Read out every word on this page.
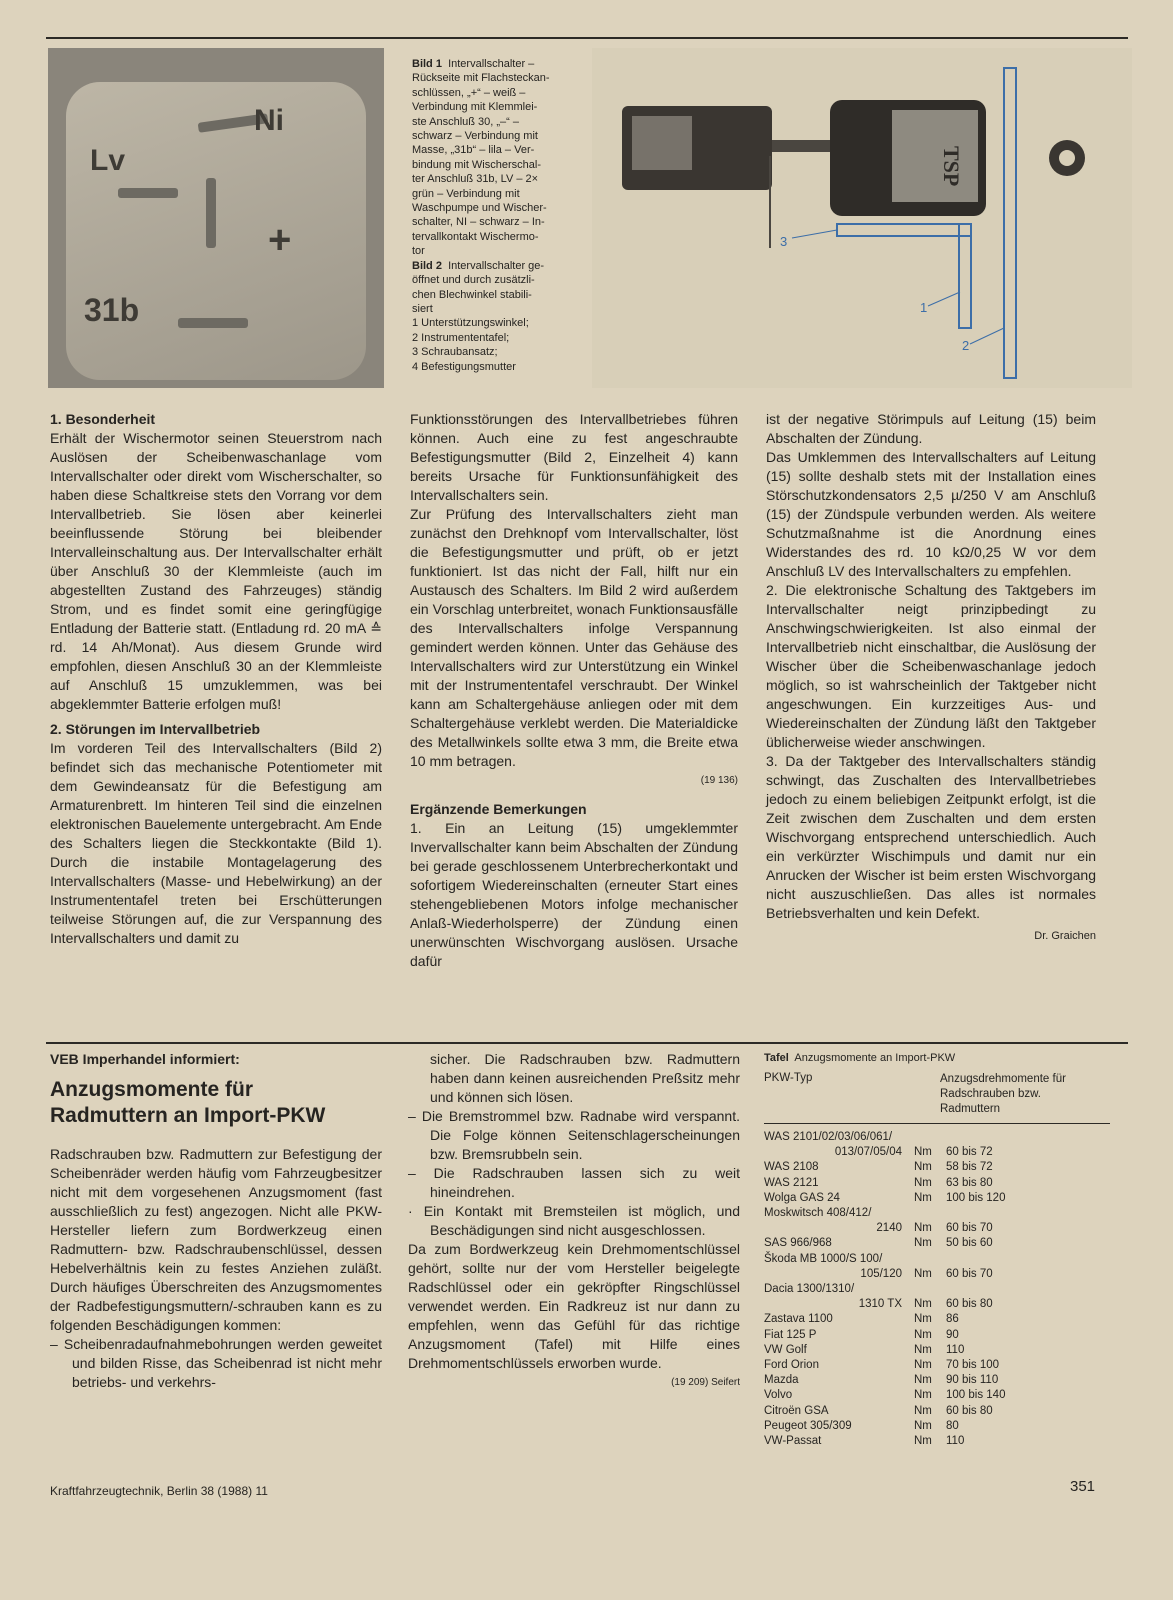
Ni
Lv
+
31b

Bild 1 Intervallschalter –

Rückseite mit Flachsteckan-

schlüssen, „+“ – weiß –

Verbindung mit Klemmlei-

ste Anschluß 30, „–“ –

schwarz – Verbindung mit

Masse, „31b“ – lila – Ver-

bindung mit Wischerschal-

ter Anschluß 31b, LV – 2×

grün – Verbindung mit

Waschpumpe und Wischer-

schalter, NI – schwarz – In-

tervallkontakt Wischermo-

tor

Bild 2 Intervallschalter ge-

öffnet und durch zusätzli-

chen Blechwinkel stabili-

siert

1 Unterstützungswinkel;

2 Instrumententafel;

3 Schraubansatz;

4 Befestigungsmutter

3
1
2
TSP
1. Besonderheit

Erhält der Wischermotor seinen Steuerstrom nach Auslösen der Scheibenwaschanlage vom Intervallschalter oder direkt vom Wischerschalter, so haben diese Schaltkreise stets den Vorrang vor dem Intervallbetrieb. Sie lösen aber keinerlei beeinflussende Störung bei bleibender Intervalleinschaltung aus. Der Intervallschalter erhält über Anschluß 30 der Klemmleiste (auch im abgestellten Zustand des Fahrzeuges) ständig Strom, und es findet somit eine geringfügige Entladung der Batterie statt. (Entladung rd. 20 mA ≙ rd. 14 Ah/Monat). Aus diesem Grunde wird empfohlen, diesen Anschluß 30 an der Klemmleiste auf Anschluß 15 umzuklemmen, was bei abgeklemmter Batterie erfolgen muß!

2. Störungen im Intervallbetrieb

Im vorderen Teil des Intervallschalters (Bild 2) befindet sich das mechanische Potentiometer mit dem Gewindeansatz für die Befestigung am Armaturenbrett. Im hinteren Teil sind die einzelnen elektronischen Bauelemente untergebracht. Am Ende des Schalters liegen die Steckkontakte (Bild 1). Durch die instabile Montagelagerung des Intervallschalters (Masse- und Hebelwirkung) an der Instrumententafel treten bei Erschütterungen teilweise Störungen auf, die zur Verspannung des Intervallschalters und damit zu

Funktionsstörungen des Intervallbetriebes führen können. Auch eine zu fest angeschraubte Befestigungsmutter (Bild 2, Einzelheit 4) kann bereits Ursache für Funktionsunfähigkeit des Intervallschalters sein.

Zur Prüfung des Intervallschalters zieht man zunächst den Drehknopf vom Intervallschalter, löst die Befestigungsmutter und prüft, ob er jetzt funktioniert. Ist das nicht der Fall, hilft nur ein Austausch des Schalters. Im Bild 2 wird außerdem ein Vorschlag unterbreitet, wonach Funktionsausfälle des Intervallschalters infolge Verspannung gemindert werden können. Unter das Gehäuse des Intervallschalters wird zur Unterstützung ein Winkel mit der Instrumententafel verschraubt. Der Winkel kann am Schaltergehäuse anliegen oder mit dem Schaltergehäuse verklebt werden. Die Materialdicke des Metallwinkels sollte etwa 3 mm, die Breite etwa 10 mm betragen.

(19 136)

Ergänzende Bemerkungen

1. Ein an Leitung (15) umgeklemmter Invervallschalter kann beim Abschalten der Zündung bei gerade geschlossenem Unterbrecherkontakt und sofortigem Wiedereinschalten (erneuter Start eines stehengebliebenen Motors infolge mechanischer Anlaß-Wiederholsperre) der Zündung einen unerwünschten Wischvorgang auslösen. Ursache dafür

ist der negative Störimpuls auf Leitung (15) beim Abschalten der Zündung.

Das Umklemmen des Intervallschalters auf Leitung (15) sollte deshalb stets mit der Installation eines Störschutzkondensators 2,5 µ/250 V am Anschluß (15) der Zündspule verbunden werden. Als weitere Schutzmaßnahme ist die Anordnung eines Widerstandes des rd. 10 kΩ/0,25 W vor dem Anschluß LV des Intervallschalters zu empfehlen.

2. Die elektronische Schaltung des Taktgebers im Intervallschalter neigt prinzipbedingt zu Anschwingschwierigkeiten. Ist also einmal der Intervallbetrieb nicht einschaltbar, die Auslösung der Wischer über die Scheibenwaschanlage jedoch möglich, so ist wahrscheinlich der Taktgeber nicht angeschwungen. Ein kurzzeitiges Aus- und Wiedereinschalten der Zündung läßt den Taktgeber üblicherweise wieder anschwingen.

3. Da der Taktgeber des Intervallschalters ständig schwingt, das Zuschalten des Intervallbetriebes jedoch zu einem beliebigen Zeitpunkt erfolgt, ist die Zeit zwischen dem Zuschalten und dem ersten Wischvorgang entsprechend unterschiedlich. Auch ein verkürzter Wischimpuls und damit nur ein Anrucken der Wischer ist beim ersten Wischvorgang nicht auszuschließen. Das alles ist normales Betriebsverhalten und kein Defekt.

Dr. Graichen

VEB Imperhandel informiert:
Anzugsmomente für
Radmuttern an Import-PKW

Radschrauben bzw. Radmuttern zur Befestigung der Scheibenräder werden häufig vom Fahrzeugbesitzer nicht mit dem vorgesehenen Anzugsmoment (fast ausschließlich zu fest) angezogen. Nicht alle PKW-Hersteller liefern zum Bordwerkzeug einen Radmuttern- bzw. Radschraubenschlüssel, dessen Hebelverhältnis kein zu festes Anziehen zuläßt. Durch häufiges Überschreiten des Anzugsmomentes der Radbefestigungsmuttern/-schrauben kann es zu folgenden Beschädigungen kommen:

– Scheibenradaufnahmebohrungen werden geweitet und bilden Risse, das Scheibenrad ist nicht mehr betriebs- und verkehrs-

sicher. Die Radschrauben bzw. Radmuttern haben dann keinen ausreichenden Preßsitz mehr und können sich lösen.

– Die Bremstrommel bzw. Radnabe wird verspannt. Die Folge können Seitenschlagerscheinungen bzw. Bremsrubbeln sein.

– Die Radschrauben lassen sich zu weit hineindrehen.

· Ein Kontakt mit Bremsteilen ist möglich, und Beschädigungen sind nicht ausgeschlossen.

Da zum Bordwerkzeug kein Drehmomentschlüssel gehört, sollte nur der vom Hersteller beigelegte Radschlüssel oder ein gekröpfter Ringschlüssel verwendet werden. Ein Radkreuz ist nur dann zu empfehlen, wenn das Gefühl für das richtige Anzugsmoment (Tafel) mit Hilfe eines Drehmomentschlüssels erworben wurde.

(19 209) Seifert

Tafel Anzugsmomente an Import-PKW
PKW-Typ	Anzugsdrehmomente für Radschrauben bzw. Radmuttern
WAS 2101/02/03/06/061/
013/07/05/04	Nm	60 bis 72
WAS 2108	Nm	58 bis 72
WAS 2121	Nm	63 bis 80
Wolga GAS 24	Nm	100 bis 120
Moskwitsch 408/412/
2140	Nm	60 bis 70
SAS 966/968	Nm	50 bis 60
Škoda MB 1000/S 100/
105/120	Nm	60 bis 70
Dacia 1300/1310/
1310 TX	Nm	60 bis 80
Zastava 1100	Nm	86
Fiat 125 P	Nm	90
VW Golf	Nm	110
Ford Orion	Nm	70 bis 100
Mazda	Nm	90 bis 110
Volvo	Nm	100 bis 140
Citroën GSA	Nm	60 bis 80
Peugeot 305/309	Nm	80
VW-Passat	Nm	110
Kraftfahrzeugtechnik, Berlin 38 (1988) 11	351
